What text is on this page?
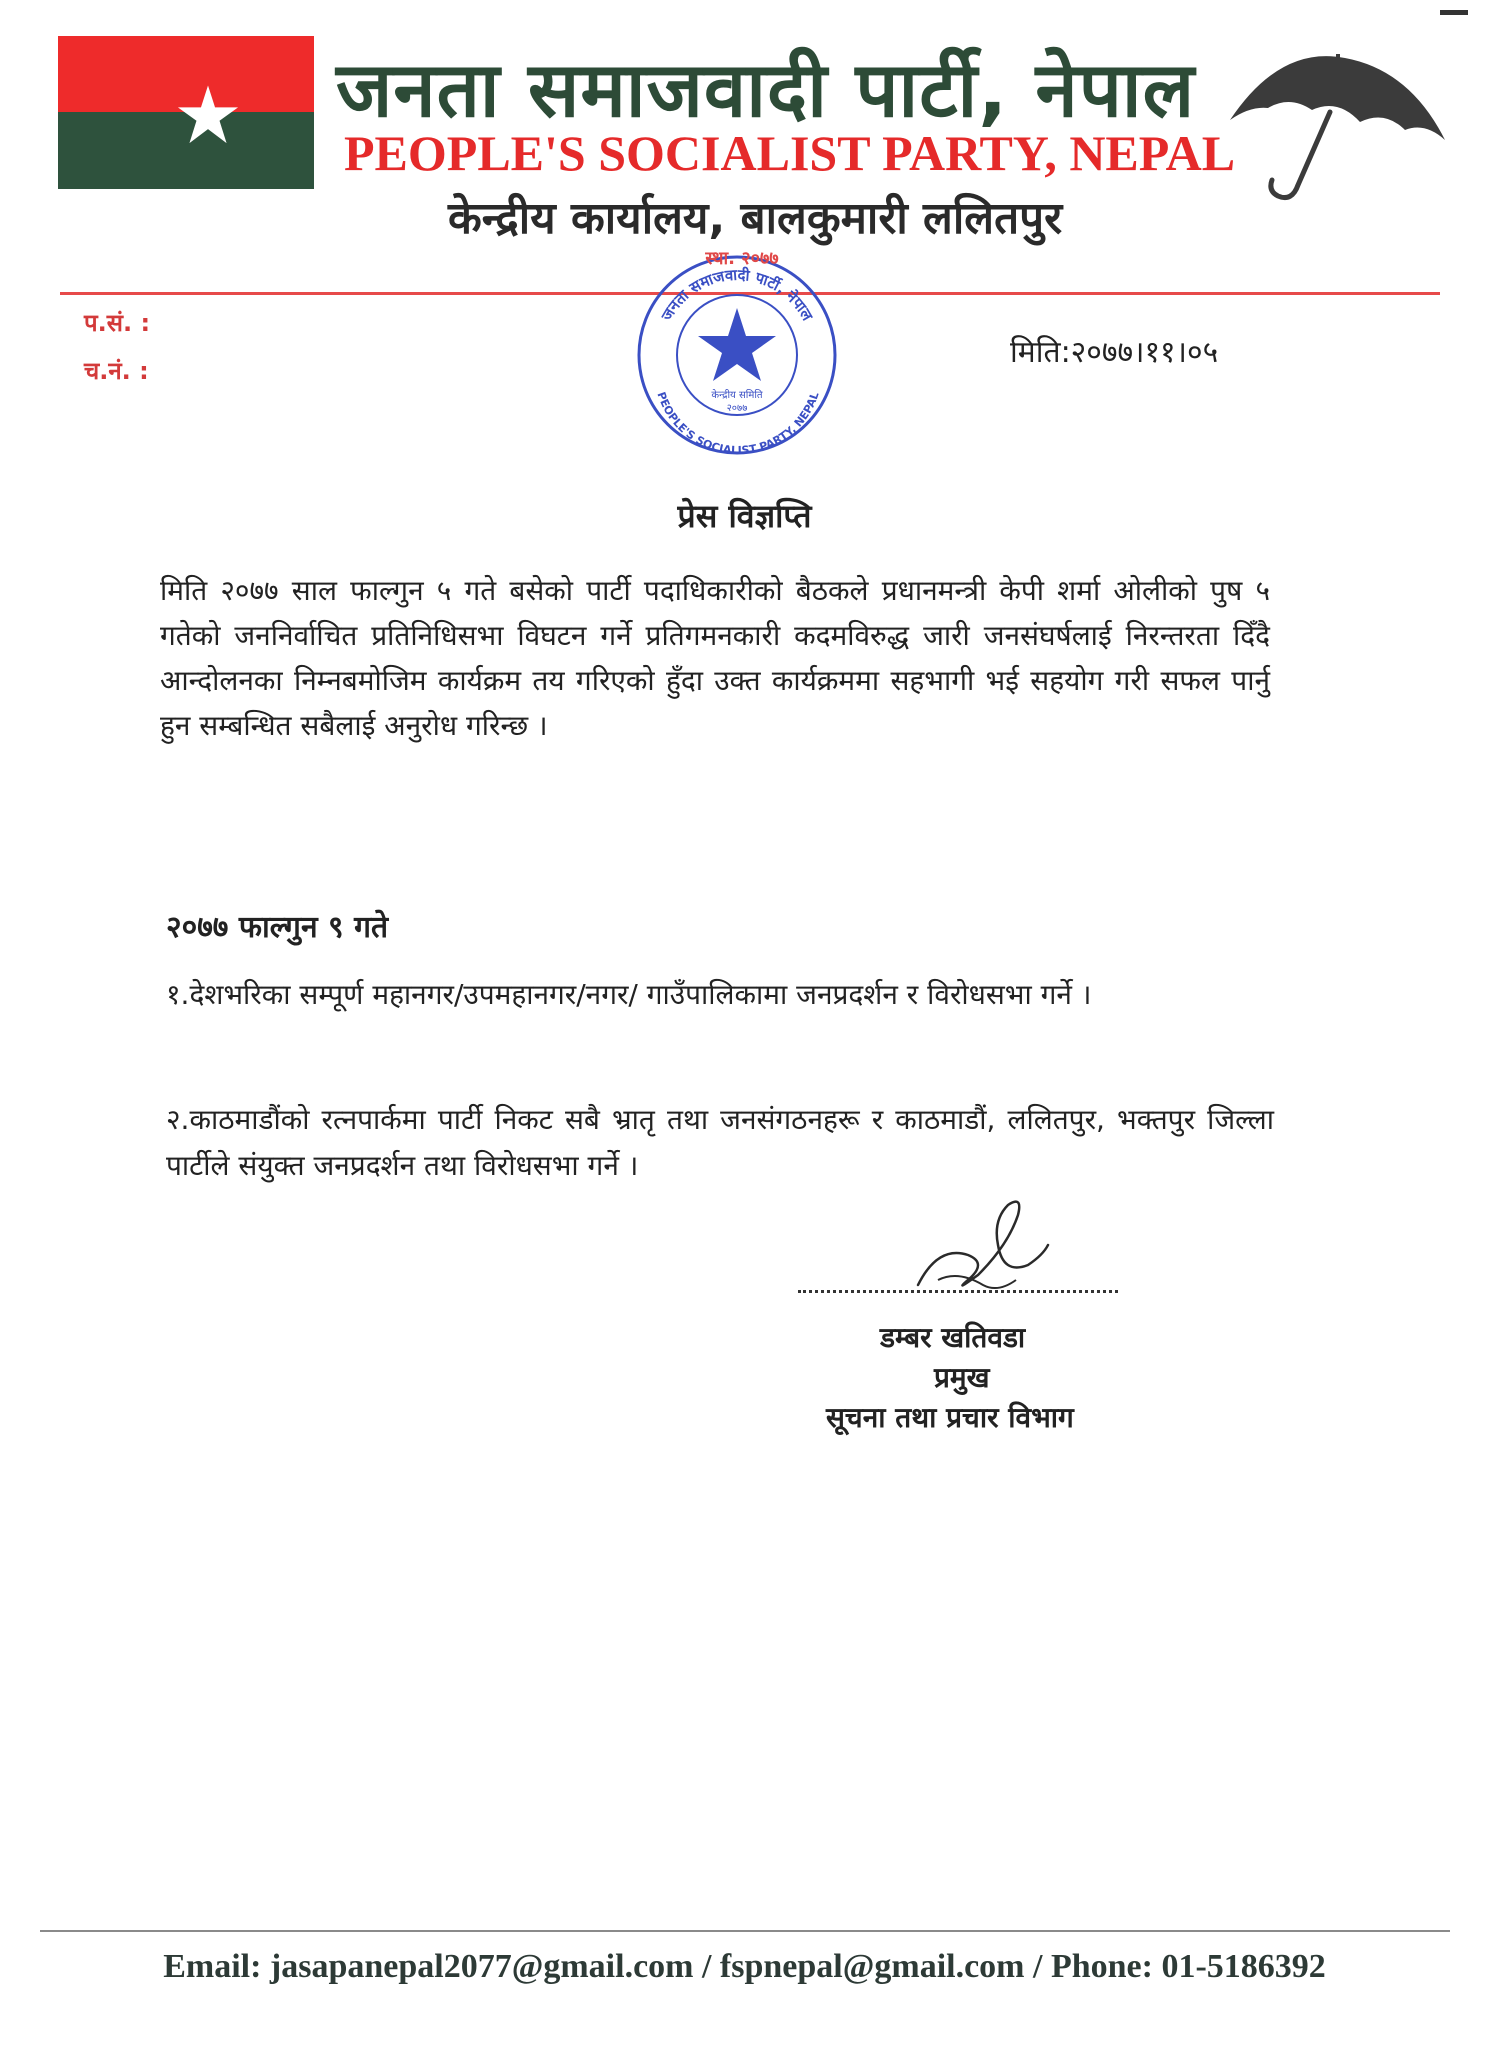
जनता समाजवादी पार्टी, नेपाल
PEOPLE'S SOCIALIST PARTY, NEPAL
केन्द्रीय कार्यालय, बालकुमारी ललितपुर
प.सं. :
च.नं. :
मिति:२०७७।११।०५
जनता समाजवादी पार्टी, नेपाल
PEOPLE'S SOCIALIST PARTY, NEPAL
केन्द्रीय समिति
२०७७
स्था. २०७७
प्रेस विज्ञप्ति
मिति २०७७ साल फाल्गुन ५ गते बसेको पार्टी पदाधिकारीको बैठकले प्रधानमन्त्री केपी शर्मा ओलीको पुष ५ गतेको जननिर्वाचित प्रतिनिधिसभा विघटन गर्ने प्रतिगमनकारी कदमविरुद्ध जारी जनसंघर्षलाई निरन्तरता दिँदै आन्दोलनका निम्नबमोजिम कार्यक्रम तय गरिएको हुँदा उक्त कार्यक्रममा सहभागी भई सहयोग गरी सफल पार्नु हुन सम्बन्धित सबैलाई अनुरोध गरिन्छ ।
२०७७ फाल्गुन ९ गते
१.देशभरिका सम्पूर्ण महानगर/उपमहानगर/नगर/ गाउँपालिकामा जनप्रदर्शन र विरोधसभा गर्ने ।
२.काठमाडौंको रत्नपार्कमा पार्टी निकट सबै भ्रातृ तथा जनसंगठनहरू र काठमाडौं, ललितपुर, भक्तपुर जिल्ला पार्टीले संयुक्त जनप्रदर्शन तथा विरोधसभा गर्ने ।
डम्बर खतिवडा
प्रमुख
सूचना तथा प्रचार विभाग
Email: jasapanepal2077@gmail.com / fspnepal@gmail.com / Phone: 01-5186392
